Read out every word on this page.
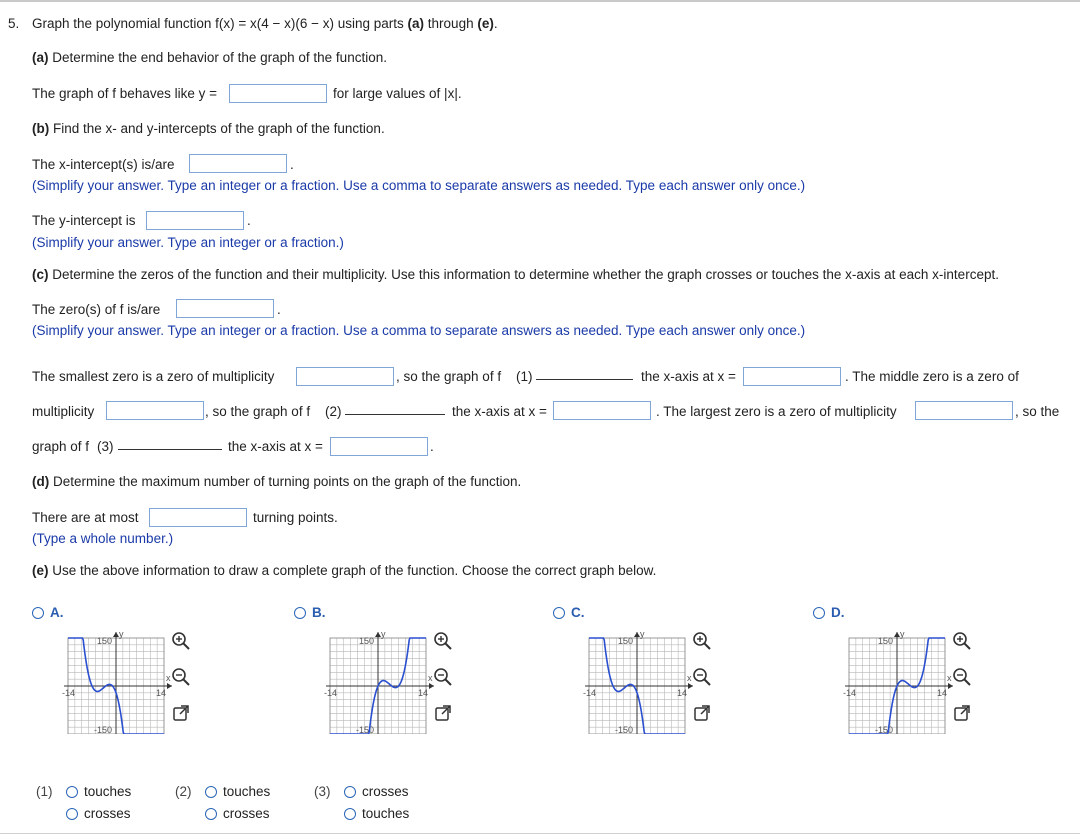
5. Graph the polynomial function f(x) = x(4 − x)(6 − x) using parts (a) through (e).
(a) Determine the end behavior of the graph of the function.
The graph of f behaves like y =	for large values of |x|.
(b) Find the x- and y-intercepts of the graph of the function.
The x-intercept(s) is/are	.
(Simplify your answer. Type an integer or a fraction. Use a comma to separate answers as needed. Type each answer only once.)
The y-intercept is	.
(Simplify your answer. Type an integer or a fraction.)
(c) Determine the zeros of the function and their multiplicity. Use this information to determine whether the graph crosses or touches the x-axis at each x-intercept.
The zero(s) of f is/are	.
(Simplify your answer. Type an integer or a fraction. Use a comma to separate answers as needed. Type each answer only once.)
The smallest zero is a zero of multiplicity	, so the graph of f (1)	the x-axis at x =	. The middle zero is a zero of
multiplicity	, so the graph of f (2)	the x-axis at x =	. The largest zero is a zero of multiplicity	, so the
graph of f (3)	the x-axis at x =	.
(d) Determine the maximum number of turning points on the graph of the function.
There are at most	turning points.
(Type a whole number.)
(e) Use the above information to draw a complete graph of the function. Choose the correct graph below.
A.
150
-150
-14	14
x
y
B.
150
-150
-14	14
x
y
C.
150
-150
-14	14
x
y
D.
150
-150
-14	14
x
y
(1)	touches
crosses
(2)	touches
crosses
(3)	crosses
touches
